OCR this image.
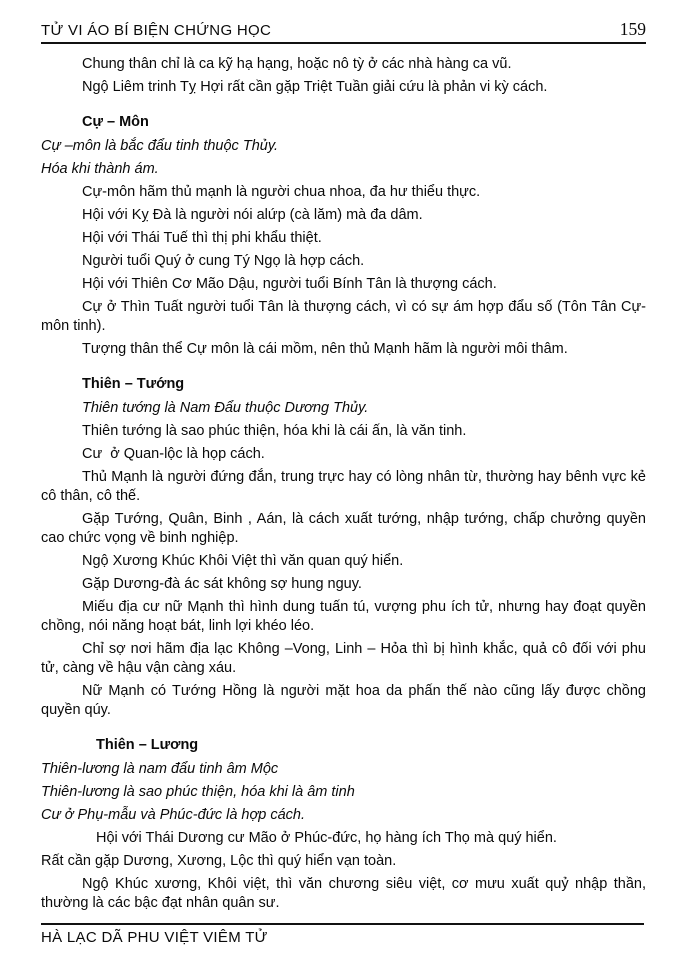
TỬ VI ÁO BÍ BIỆN CHỨNG HỌC	159

Chung thân chỉ là ca kỹ hạ hạng, hoặc nô tỳ ở các nhà hàng ca vũ.

Ngộ Liêm trinh Tỵ Hợi rất cần gặp Triệt Tuần giải cứu là phản vi kỳ cách.

Cự – Môn

Cự –môn là bắc đẩu tinh thuộc Thủy.

Hóa khi thành ám.

Cự-môn hãm thủ mạnh là người chua nhoa, đa hư thiểu thực.

Hội với Kỵ Đà là người nói alứp (cà lăm) mà đa dâm.

Hội với Thái Tuế thì thị phi khẩu thiệt.

Người tuổi Quý ở cung Tý Ngọ là hợp cách.

Hội với Thiên Cơ Mão Dậu, người tuổi Bính Tân là thượng cách.

Cự ở Thìn Tuất người tuổi Tân là thượng cách, vì có sự ám hợp đẩu số (Tôn Tân Cự-môn tinh).

Tượng thân thể Cự môn là cái mồm, nên thủ Mạnh hãm là người môi thâm.

Thiên – Tướng

Thiên tướng là Nam Đẩu thuộc Dương Thủy.

Thiên tướng là sao phúc thiện, hóa khi là cái ấn, là văn tinh.

Cư  ở Quan-lộc là họp cách.

Thủ Mạnh là người đứng đắn, trung trực hay có lòng nhân từ, thường hay bênh vực kẻ cô thân, cô thế.

Gặp Tướng, Quân, Binh , Aán, là cách xuất tướng, nhập tướng, chấp chưởng quyền cao chức vọng về binh nghiệp.

Ngộ Xương Khúc Khôi Việt thì văn quan quý hiển.

Gặp Dương-đà ác sát không sợ hung nguy.

Miếu địa cư nữ Mạnh thì hình dung tuấn tú, vượng phu ích tử, nhưng hay đoạt quyền chồng, nói năng hoạt bát, linh lợi khéo léo.

Chỉ sợ nơi hãm địa lạc Không –Vong, Linh – Hỏa thì bị hình khắc, quả cô đối với phu tử, càng về hậu vận càng xáu.

Nữ Mạnh có Tướng Hồng là người mặt hoa da phấn thế nào cũng lấy được chồng quyền qúy.

Thiên – Lương

Thiên-lương là nam đẩu tinh âm Mộc

Thiên-lương là sao phúc thiện, hóa khi là âm tinh

Cư ở Phụ-mẫu và Phúc-đức là hợp cách.

Hội với Thái Dương cư Mão ở Phúc-đức, họ hàng ích Thọ mà quý hiển.

Rất cần gặp Dương, Xương, Lộc thì quý hiển vạn toàn.

Ngộ Khúc xương, Khôi việt, thì văn chương siêu việt, cơ mưu xuất quỷ nhập thần, thường là các bậc đạt nhân quân sư.

HÀ LẠC DÃ PHU VIỆT VIÊM TỬ
